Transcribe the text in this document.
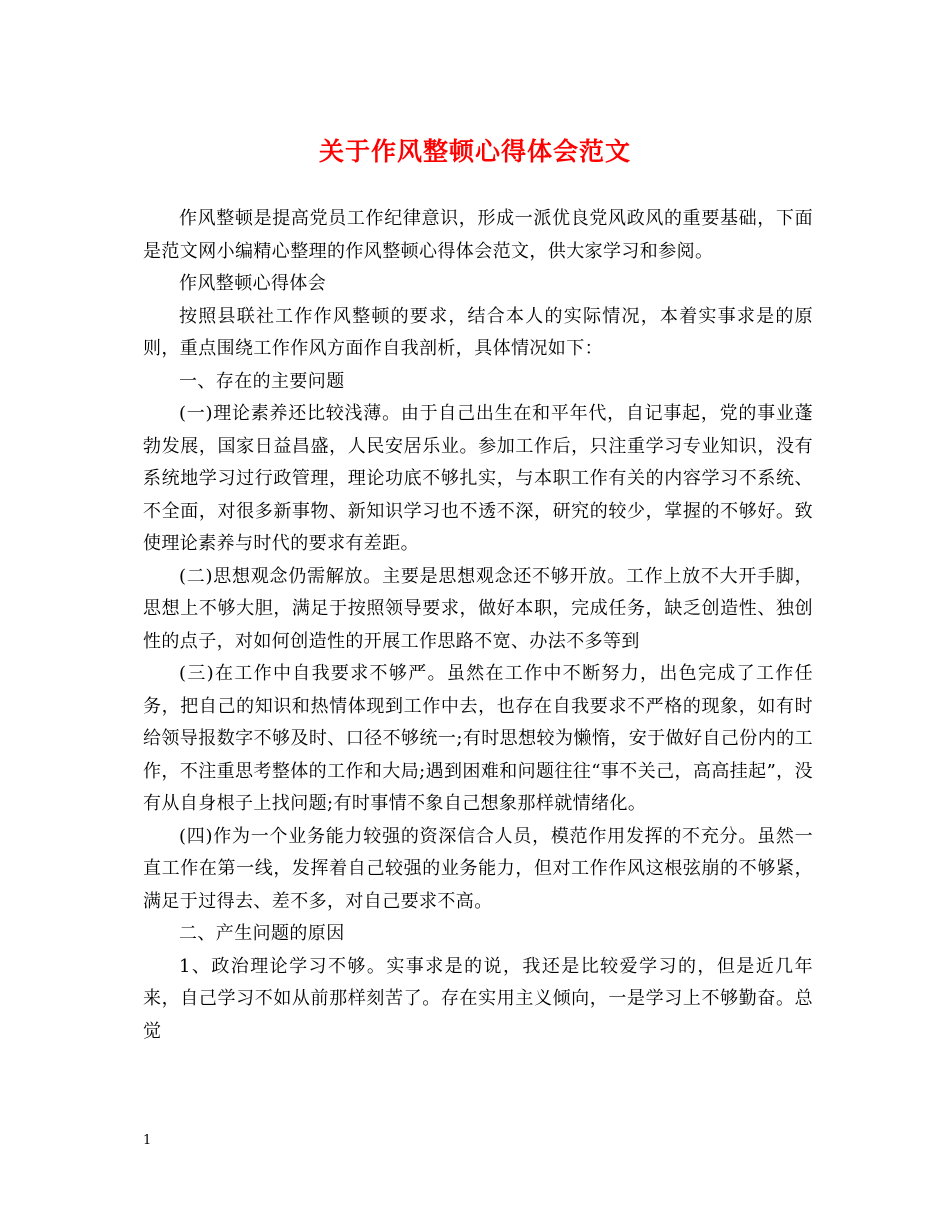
关于作风整顿心得体会范文

作风整顿是提高党员工作纪律意识，形成一派优良党风政风的重要基础，下面是范文网小编精心整理的作风整顿心得体会范文，供大家学习和参阅。

作风整顿心得体会

按照县联社工作作风整顿的要求，结合本人的实际情况，本着实事求是的原则，重点围绕工作作风方面作自我剖析，具体情况如下：

一、存在的主要问题

(一)理论素养还比较浅薄。由于自己出生在和平年代，自记事起，党的事业蓬勃发展，国家日益昌盛，人民安居乐业。参加工作后，只注重学习专业知识，没有系统地学习过行政管理，理论功底不够扎实，与本职工作有关的内容学习不系统、不全面，对很多新事物、新知识学习也不透不深，研究的较少，掌握的不够好。致使理论素养与时代的要求有差距。

(二)思想观念仍需解放。主要是思想观念还不够开放。工作上放不大开手脚，思想上不够大胆，满足于按照领导要求，做好本职，完成任务，缺乏创造性、独创性的点子，对如何创造性的开展工作思路不宽、办法不多等到

(三)在工作中自我要求不够严。虽然在工作中不断努力，出色完成了工作任务，把自己的知识和热情体现到工作中去，也存在自我要求不严格的现象，如有时给领导报数字不够及时、口径不够统一;有时思想较为懒惰，安于做好自己份内的工作，不注重思考整体的工作和大局;遇到困难和问题往往“事不关己，高高挂起”，没有从自身根子上找问题;有时事情不象自己想象那样就情绪化。

(四)作为一个业务能力较强的资深信合人员，模范作用发挥的不充分。虽然一直工作在第一线，发挥着自己较强的业务能力，但对工作作风这根弦崩的不够紧，满足于过得去、差不多，对自己要求不高。

二、产生问题的原因

1、政治理论学习不够。实事求是的说，我还是比较爱学习的，但是近几年来，自己学习不如从前那样刻苦了。存在实用主义倾向，一是学习上不够勤奋。总觉

1
